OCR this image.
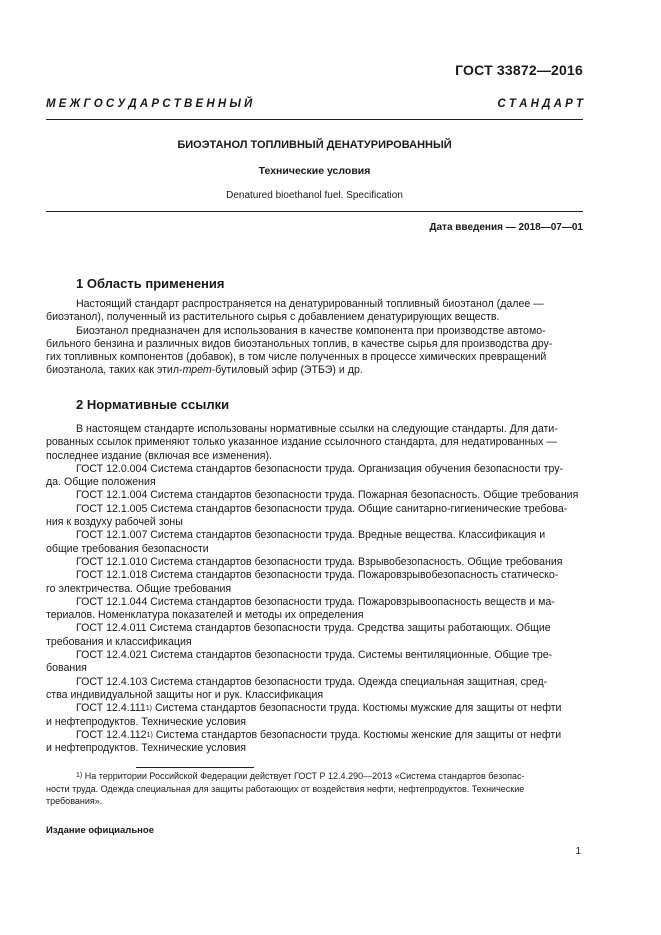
ГОСТ 33872—2016
М Е Ж Г О С У Д А Р С Т В Е Н Н Ы Й	С Т А Н Д А Р Т
БИОЭТАНОЛ ТОПЛИВНЫЙ ДЕНАТУРИРОВАННЫЙ
Технические условия
Denatured bioethanol fuel. Specification
Дата введения — 2018—07—01
1 Область применения
Настоящий стандарт распространяется на денатурированный топливный биоэтанол (далее —
биоэтанол), полученный из растительного сырья с добавлением денатурирующих веществ.
Биоэтанол предназначен для использования в качестве компонента при производстве автомо-
бильного бензина и различных видов биоэтанольных топлив, в качестве сырья для производства дру-
гих топливных компонентов (добавок), в том числе полученных в процессе химических превращений
биоэтанола, таких как этил- трет -бутиловый эфир (ЭТБЭ) и др.
2 Нормативные ссылки
В настоящем стандарте использованы нормативные ссылки на следующие стандарты. Для дати-
рованных ссылок применяют только указанное издание ссылочного стандарта, для недатированных —
последнее издание (включая все изменения).
ГОСТ 12.0.004 Система стандартов безопасности труда. Организация обучения безопасности тру-
да. Общие положения
ГОСТ 12.1.004 Система стандартов безопасности труда. Пожарная безопасность. Общие требования
ГОСТ 12.1.005 Система стандартов безопасности труда. Общие санитарно-гигиенические требова-
ния к воздуху рабочей зоны
ГОСТ 12.1.007 Система стандартов безопасности труда. Вредные вещества. Классификация и
общие требования безопасности
ГОСТ 12.1.010 Система стандартов безопасности труда. Взрывобезопасность. Общие требования
ГОСТ 12.1.018 Система стандартов безопасности труда. Пожаровзрывобезопасность статическо-
го электричества. Общие требования
ГОСТ 12.1.044 Система стандартов безопасности труда. Пожаровзрывоопасность веществ и ма-
териалов. Номенклатура показателей и методы их определения
ГОСТ 12.4.011 Система стандартов безопасности труда. Средства защиты работающих. Общие
требования и классификация
ГОСТ 12.4.021 Система стандартов безопасности труда. Системы вентиляционные. Общие тре-
бования
ГОСТ 12.4.103 Система стандартов безопасности труда. Одежда специальная защитная, сред-
ства индивидуальной защиты ног и рук. Классификация
ГОСТ 12.4.111 1) Система стандартов безопасности труда. Костюмы мужские для защиты от нефти
и нефтепродуктов. Технические условия
ГОСТ 12.4.112 1) Система стандартов безопасности труда. Костюмы женские для защиты от нефти
и нефтепродуктов. Технические условия
1) На территории Российской Федерации действует ГОСТ Р 12.4.290—2013 «Система стандартов безопас-
ности труда. Одежда специальная для защиты работающих от воздействия нефти, нефтепродуктов. Технические
требования».
Издание официальное
1
